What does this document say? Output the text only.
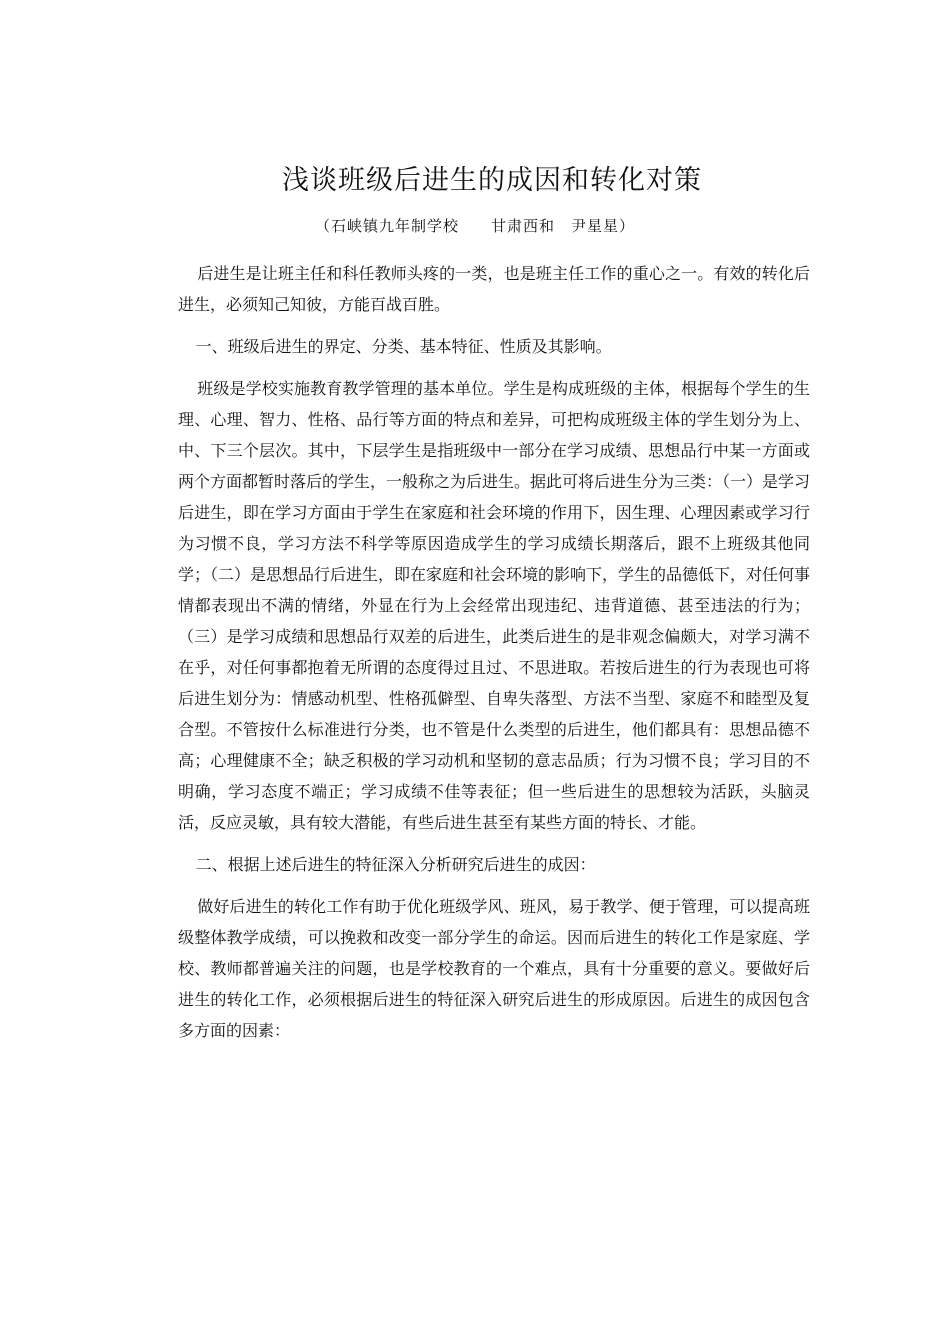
浅谈班级后进生的成因和转化对策
（石峡镇九年制学校　　甘肃西和　尹星星）

后进生是让班主任和科任教师头疼的一类，也是班主任工作的重心之一。有效的转化后进生，必须知己知彼，方能百战百胜。

一、班级后进生的界定、分类、基本特征、性质及其影响。

班级是学校实施教育教学管理的基本单位。学生是构成班级的主体，根据每个学生的生理、心理、智力、性格、品行等方面的特点和差异，可把构成班级主体的学生划分为上、中、下三个层次。其中，下层学生是指班级中一部分在学习成绩、思想品行中某一方面或两个方面都暂时落后的学生，一般称之为后进生。据此可将后进生分为三类：（一）是学习后进生，即在学习方面由于学生在家庭和社会环境的作用下，因生理、心理因素或学习行为习惯不良，学习方法不科学等原因造成学生的学习成绩长期落后，跟不上班级其他同学；（二）是思想品行后进生，即在家庭和社会环境的影响下，学生的品德低下，对任何事情都表现出不满的情绪，外显在行为上会经常出现违纪、违背道德、甚至违法的行为；（三）是学习成绩和思想品行双差的后进生，此类后进生的是非观念偏颇大，对学习满不在乎，对任何事都抱着无所谓的态度得过且过、不思进取。若按后进生的行为表现也可将后进生划分为：情感动机型、性格孤僻型、自卑失落型、方法不当型、家庭不和睦型及复合型。不管按什么标准进行分类，也不管是什么类型的后进生，他们都具有：思想品德不高；心理健康不全；缺乏积极的学习动机和坚韧的意志品质；行为习惯不良；学习目的不明确，学习态度不端正；学习成绩不佳等表征；但一些后进生的思想较为活跃，头脑灵活，反应灵敏，具有较大潜能，有些后进生甚至有某些方面的特长、才能。

二、根据上述后进生的特征深入分析研究后进生的成因：

做好后进生的转化工作有助于优化班级学风、班风，易于教学、便于管理，可以提高班级整体教学成绩，可以挽救和改变一部分学生的命运。因而后进生的转化工作是家庭、学校、教师都普遍关注的问题，也是学校教育的一个难点，具有十分重要的意义。要做好后进生的转化工作，必须根据后进生的特征深入研究后进生的形成原因。后进生的成因包含多方面的因素：
